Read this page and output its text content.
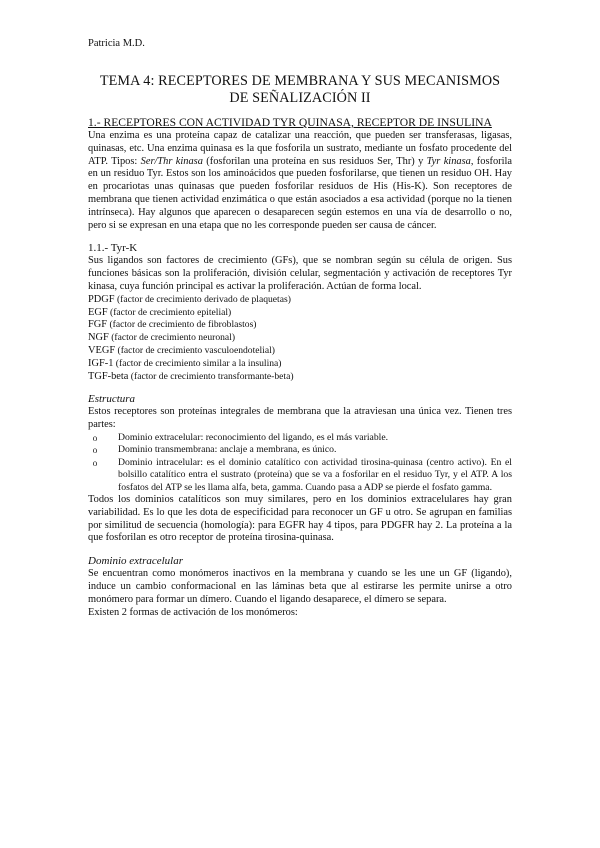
Patricia M.D.
TEMA 4: RECEPTORES DE MEMBRANA Y SUS MECANISMOS
DE SEÑALIZACIÓN II

1.- RECEPTORES CON ACTIVIDAD TYR QUINASA, RECEPTOR DE INSULINA

Una enzima es una proteína capaz de catalizar una reacción, que pueden ser transferasas, ligasas, quinasas, etc. Una enzima quinasa es la que fosforila un sustrato, mediante un fosfato procedente del ATP. Tipos: Ser/Thr kinasa (fosforilan una proteína en sus residuos Ser, Thr) y Tyr kinasa, fosforila en un residuo Tyr. Estos son los aminoácidos que pueden fosforilarse, que tienen un residuo OH. Hay en procariotas unas quinasas que pueden fosforilar residuos de His (His-K). Son receptores de membrana que tienen actividad enzimática o que están asociados a esa actividad (porque no la tienen intrínseca). Hay algunos que aparecen o desaparecen según estemos en una vía de desarrollo o no, pero si se expresan en una etapa que no les corresponde pueden ser causa de cáncer.

1.1.- Tyr-K

Sus ligandos son factores de crecimiento (GFs), que se nombran según su célula de origen. Sus funciones básicas son la proliferación, división celular, segmentación y activación de receptores Tyr kinasa, cuya función principal es activar la proliferación. Actúan de forma local.

PDGF (factor de crecimiento derivado de plaquetas)

EGF (factor de crecimiento epitelial)

FGF (factor de crecimiento de fibroblastos)

NGF (factor de crecimiento neuronal)

VEGF (factor de crecimiento vasculoendotelial)

IGF-1 (factor de crecimiento similar a la insulina)

TGF-beta (factor de crecimiento transformante-beta)

Estructura

Estos receptores son proteínas integrales de membrana que la atraviesan una única vez. Tienen tres partes:

o	Dominio extracelular: reconocimiento del ligando, es el más variable.
o	Dominio transmembrana: anclaje a membrana, es único.
o	Dominio intracelular: es el dominio catalítico con actividad tirosina-quinasa (centro activo). En el bolsillo catalítico entra el sustrato (proteína) que se va a fosforilar en el residuo Tyr, y el ATP. A los fosfatos del ATP se les llama alfa, beta, gamma. Cuando pasa a ADP se pierde el fosfato gamma.

Todos los dominios catalíticos son muy similares, pero en los dominios extracelulares hay gran variabilidad. Es lo que les dota de especificidad para reconocer un GF u otro. Se agrupan en familias por similitud de secuencia (homología): para EGFR hay 4 tipos, para PDGFR hay 2. La proteína a la que fosforilan es otro receptor de proteína tirosina-quinasa.

Dominio extracelular

Se encuentran como monómeros inactivos en la membrana y cuando se les une un GF (ligando), induce un cambio conformacional en las láminas beta que al estirarse les permite unirse a otro monómero para formar un dímero. Cuando el ligando desaparece, el dímero se separa.

Existen 2 formas de activación de los monómeros:
